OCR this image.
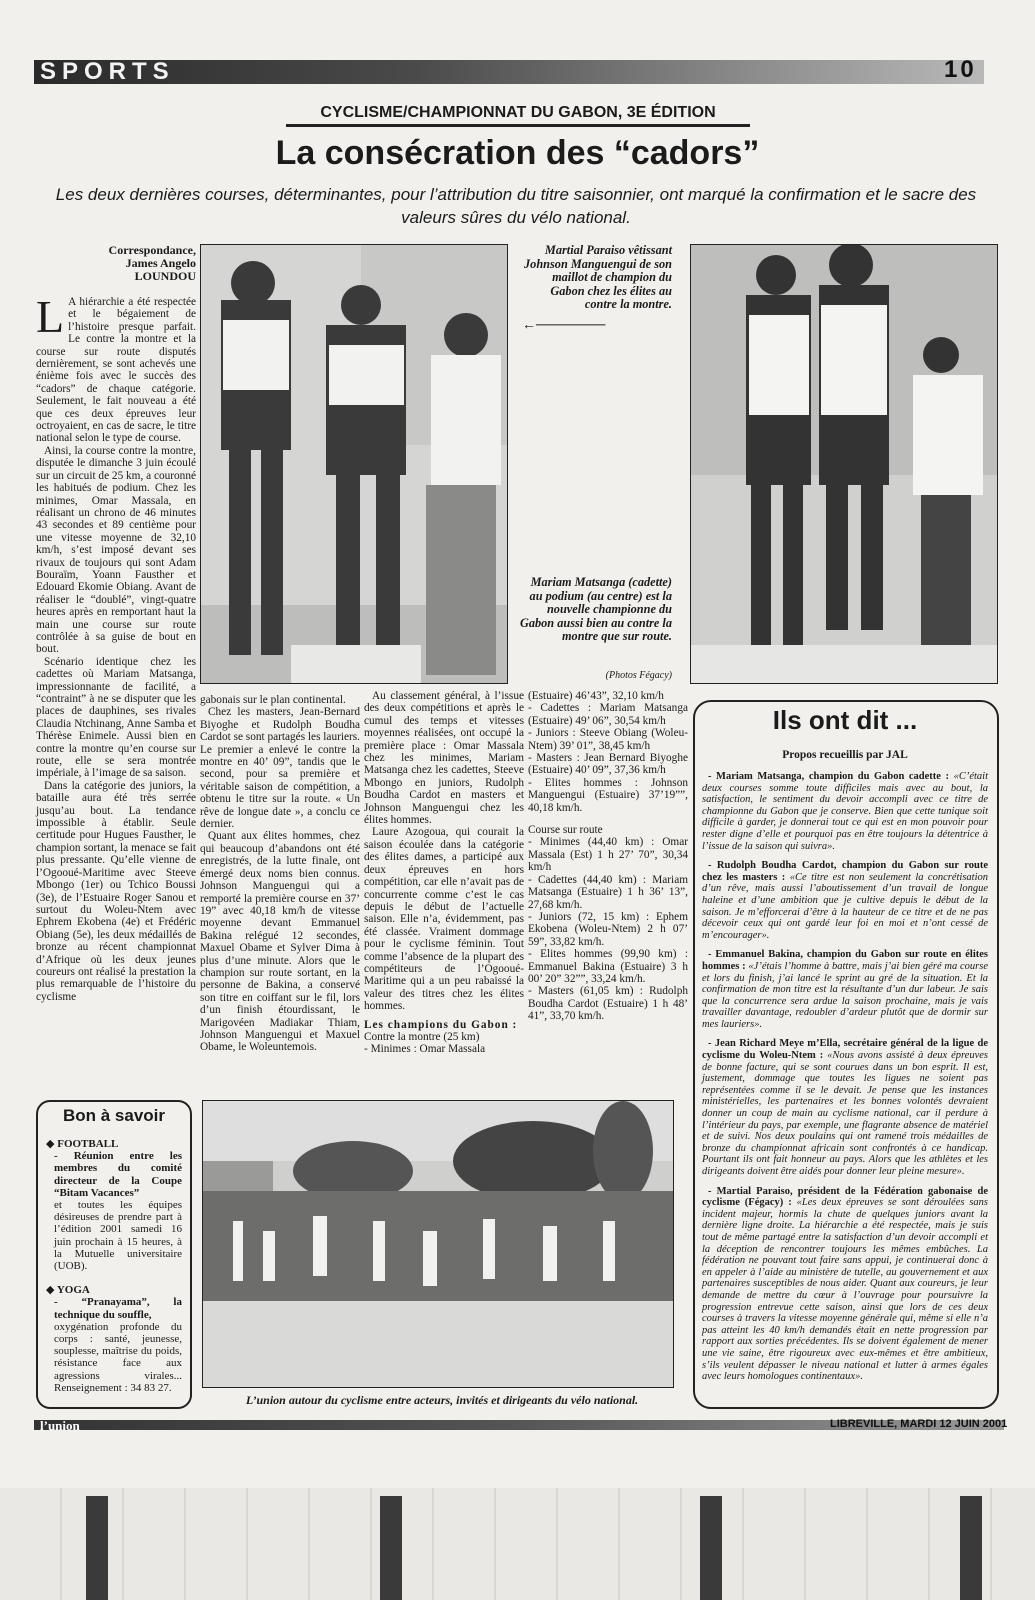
SPORTS	10
CYCLISME/CHAMPIONNAT DU GABON, 3E ÉDITION
La consécration des “cadors”
Les deux dernières courses, déterminantes, pour l’attribution du titre saisonnier, ont marqué la confirmation et le sacre des valeurs sûres du vélo national.
Correspondance,
James Angelo
LOUNDOU

L A hiérarchie a été respectée et le bégaiement de l’histoire presque parfait. Le contre la montre et la course sur route disputés dernièrement, se sont achevés une énième fois avec le succès des “cadors” de chaque catégorie. Seulement, le fait nouveau a été que ces deux épreuves leur octroyaient, en cas de sacre, le titre national selon le type de course.

Ainsi, la course contre la montre, disputée le dimanche 3 juin écoulé sur un circuit de 25 km, a couronné les habitués de podium. Chez les minimes, Omar Massala, en réalisant un chrono de 46 minutes 43 secondes et 89 centième pour une vitesse moyenne de 32,10 km/h, s’est imposé devant ses rivaux de toujours qui sont Adam Bouraïm, Yoann Fausther et Edouard Ekomie Obiang. Avant de réaliser le “doublé”, vingt-quatre heures après en remportant haut la main une course sur route contrôlée à sa guise de bout en bout.

Scénario identique chez les cadettes où Mariam Matsanga, impressionnante de facilité, a “contraint” à ne se disputer que les places de dauphines, ses rivales Claudia Ntchinang, Anne Samba et Thérèse Enimele. Aussi bien en contre la montre qu’en course sur route, elle se sera montrée impériale, à l’image de sa saison.

Dans la catégorie des juniors, la bataille aura été très serrée jusqu’au bout. La tendance impossible à établir. Seule certitude pour Hugues Fausther, le champion sortant, la menace se fait plus pressante. Qu’elle vienne de l’Ogooué-Maritime avec Steeve Mbongo (1er) ou Tchico Boussi (3e), de l’Estuaire Roger Sanou et surtout du Woleu-Ntem avec Ephrem Ekobena (4e) et Frédéric Obiang (5e), les deux médaillés de bronze au récent championnat d’Afrique où les deux jeunes coureurs ont réalisé la prestation la plus remarquable de l’histoire du cyclisme

Martial Paraiso vêtissant Johnson Manguengui de son maillot de champion du Gabon chez les élites au contre la montre.
←───────
Mariam Matsanga (cadette) au podium (au centre) est la nouvelle championne du Gabon aussi bien au contre la montre que sur route.
(Photos Fégacy)

gabonais sur le plan continental.

Chez les masters, Jean-Bernard Biyoghe et Rudolph Boudha Cardot se sont partagés les lauriers. Le premier a enlevé le contre la montre en 40’ 09”, tandis que le second, pour sa première et véritable saison de compétition, a obtenu le titre sur la route. « Un rêve de longue date », a conclu ce dernier.

Quant aux élites hommes, chez qui beaucoup d’abandons ont été enregistrés, de la lutte finale, ont émergé deux noms bien connus. Johnson Manguengui qui a remporté la première course en 37’ 19” avec 40,18 km/h de vitesse moyenne devant Emmanuel Bakina relégué 12 secondes, Maxuel Obame et Sylver Dima à plus d’une minute. Alors que le champion sur route sortant, en la personne de Bakina, a conservé son titre en coiffant sur le fil, lors d’un finish étourdissant, le Marigovéen Madiakar Thiam, Johnson Manguengui et Maxuel Obame, le Woleuntemois.

Au classement général, à l’issue des deux compétitions et après le cumul des temps et vitesses moyennes réalisées, ont occupé la première place : Omar Massala chez les minimes, Mariam Matsanga chez les cadettes, Steeve Mbongo en juniors, Rudolph Boudha Cardot en masters et Johnson Manguengui chez les élites hommes.

Laure Azogoua, qui courait la saison écoulée dans la catégorie des élites dames, a participé aux deux épreuves en hors compétition, car elle n’avait pas de concurrente comme c’est le cas depuis le début de l’actuelle saison. Elle n’a, évidemment, pas été classée. Vraiment dommage pour le cyclisme féminin. Tout comme l’absence de la plupart des compétiteurs de l’Ogooué-Maritime qui a un peu rabaissé la valeur des titres chez les élites hommes.

Les champions du Gabon :

Contre la montre (25 km)

- Minimes : Omar Massala

(Estuaire) 46’43”, 32,10 km/h

- Cadettes : Mariam Matsanga (Estuaire) 49’ 06”, 30,54 km/h

- Juniors : Steeve Obiang (Woleu-Ntem) 39’ 01”, 38,45 km/h

- Masters : Jean Bernard Biyoghe (Estuaire) 40’ 09”, 37,36 km/h

- Elites hommes : Johnson Manguengui (Estuaire) 37’19””, 40,18 km/h.

Course sur route

- Minimes (44,40 km) : Omar Massala (Est) 1 h 27’ 70”, 30,34 km/h

- Cadettes (44,40 km) : Mariam Matsanga (Estuaire) 1 h 36’ 13”, 27,68 km/h.

- Juniors (72, 15 km) : Ephem Ekobena (Woleu-Ntem) 2 h 07’ 59”, 33,82 km/h.

- Elites hommes (99,90 km) : Emmanuel Bakina (Estuaire) 3 h 00’ 20” 32””, 33,24 km/h.

- Masters (61,05 km) : Rudolph Boudha Cardot (Estuaire) 1 h 48’ 41”, 33,70 km/h.

Ils ont dit ...
Propos recueillis par JAL

- Mariam Matsanga, champion du Gabon cadette : «C’était deux courses somme toute difficiles mais avec au bout, la satisfaction, le sentiment du devoir accompli avec ce titre de championne du Gabon que je conserve. Bien que cette tunique soit difficile à garder, je donnerai tout ce qui est en mon pouvoir pour rester digne d’elle et pourquoi pas en être toujours la détentrice à l’issue de la saison qui suivra».

- Rudolph Boudha Cardot, champion du Gabon sur route chez les masters : «Ce titre est non seulement la concrétisation d’un rêve, mais aussi l’aboutissement d’un travail de longue haleine et d’une ambition que je cultive depuis le début de la saison. Je m’efforcerai d’être à la hauteur de ce titre et de ne pas décevoir ceux qui ont gardé leur foi en moi et n’ont cessé de m’encourager».

- Emmanuel Bakina, champion du Gabon sur route en élites hommes : «J’étais l’homme à battre, mais j’ai bien géré ma course et lors du finish, j’ai lancé le sprint au gré de la situation. Et la confirmation de mon titre est la résultante d’un dur labeur. Je sais que la concurrence sera ardue la saison prochaine, mais je vais travailler davantage, redoubler d’ardeur plutôt que de dormir sur mes lauriers».

- Jean Richard Meye m’Ella, secrétaire général de la ligue de cyclisme du Woleu-Ntem : «Nous avons assisté à deux épreuves de bonne facture, qui se sont courues dans un bon esprit. Il est, justement, dommage que toutes les ligues ne soient pas représentées comme il se le devait. Je pense que les instances ministérielles, les partenaires et les bonnes volontés devraient donner un coup de main au cyclisme national, car il perdure à l’intérieur du pays, par exemple, une flagrante absence de matériel et de suivi. Nos deux poulains qui ont ramené trois médailles de bronze du championnat africain sont confrontés à ce handicap. Pourtant ils ont fait honneur au pays. Alors que les athlètes et les dirigeants doivent être aidés pour donner leur pleine mesure».

- Martial Paraiso, président de la Fédération gabonaise de cyclisme (Fégacy) : «Les deux épreuves se sont déroulées sans incident majeur, hormis la chute de quelques juniors avant la dernière ligne droite. La hiérarchie a été respectée, mais je suis tout de même partagé entre la satisfaction d’un devoir accompli et la déception de rencontrer toujours les mêmes embûches. La fédération ne pouvant tout faire sans appui, je continuerai donc à en appeler à l’aide au ministère de tutelle, au gouvernement et aux partenaires susceptibles de nous aider. Quant aux coureurs, je leur demande de mettre du cœur à l’ouvrage pour poursuivre la progression entrevue cette saison, ainsi que lors de ces deux courses à travers la vitesse moyenne générale qui, même si elle n’a pas atteint les 40 km/h demandés était en nette progression par rapport aux sorties précédentes. Ils se doivent également de mener une vie saine, être rigoureux avec eux-mêmes et être ambitieux, s’ils veulent dépasser le niveau national et lutter à armes égales avec leurs homologues continentaux».

Bon à savoir
◆ FOOTBALL
- Réunion entre les membres du comité directeur de la Coupe “Bitam Vacances”
et toutes les équipes désireuses de prendre part à l’édition 2001 samedi 16 juin prochain à 15 heures, à la Mutuelle universitaire (UOB).
◆ YOGA
- “Pranayama”, la technique du souffle,
oxygénation profonde du corps : santé, jeunesse, souplesse, maîtrise du poids, résistance face aux agressions virales... Renseignement : 34 83 27.
L’union autour du cyclisme entre acteurs, invités et dirigeants du vélo national.
l’union	LIBREVILLE, MARDI 12 JUIN 2001
